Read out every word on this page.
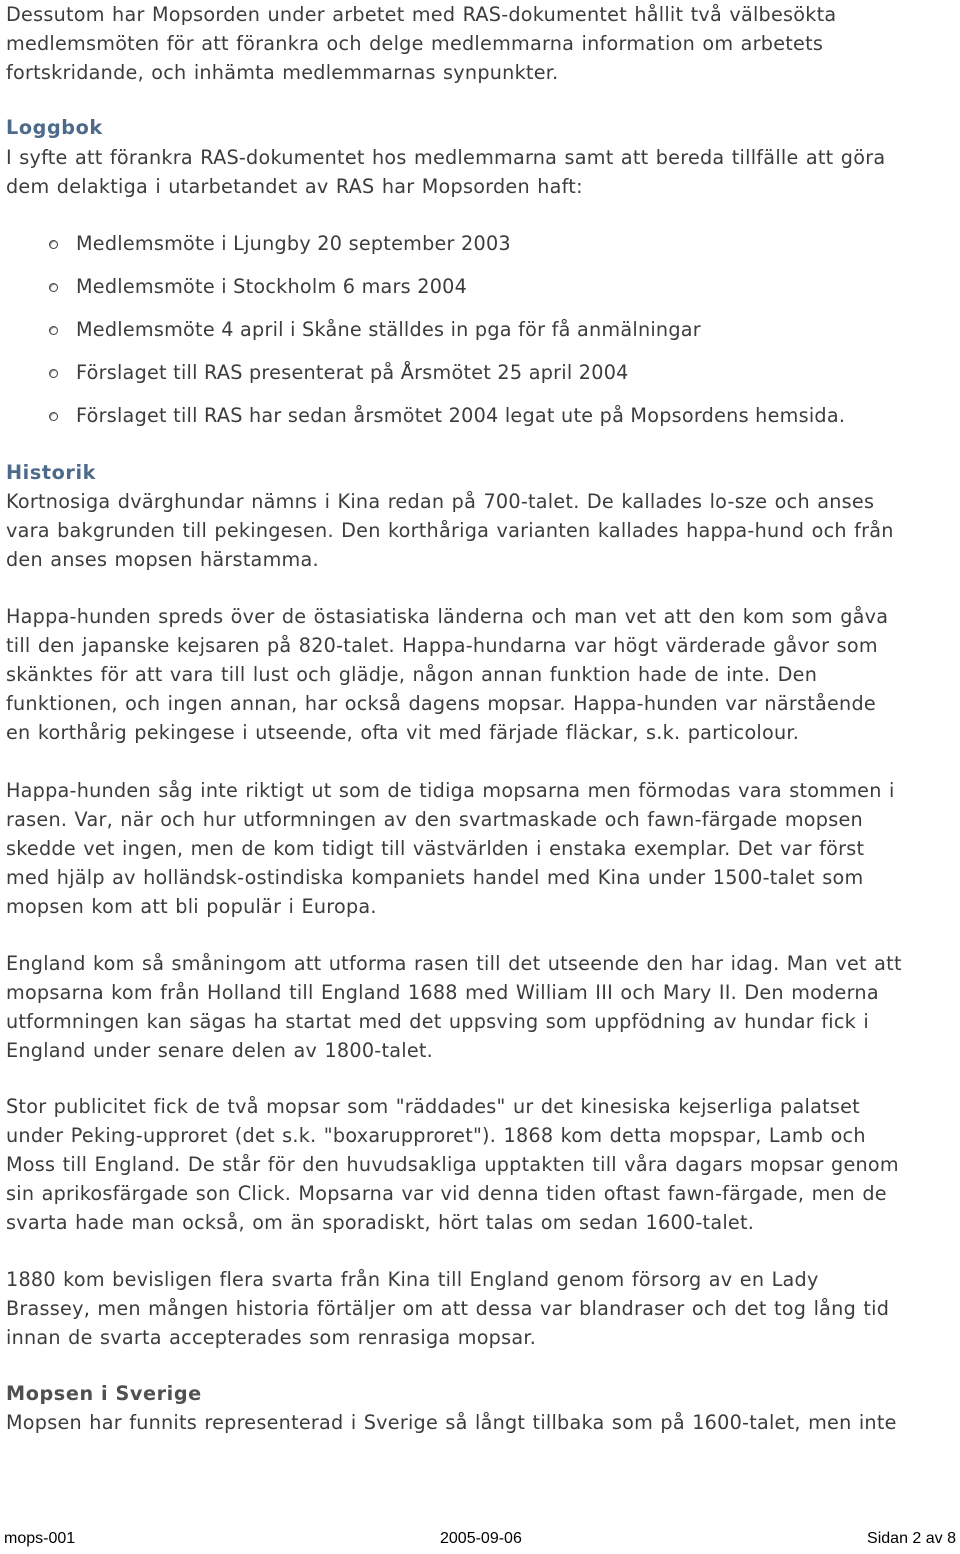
Dessutom har Mopsorden under arbetet med RAS-dokumentet hållit två välbesökta
medlemsmöten för att förankra och delge medlemmarna information om arbetets
fortskridande, och inhämta medlemmarnas synpunkter.
Loggbok
I syfte att förankra RAS-dokumentet hos medlemmarna samt att bereda tillfälle att göra
dem delaktiga i utarbetandet av RAS har Mopsorden haft:
Medlemsmöte i Ljungby 20 september 2003
Medlemsmöte i Stockholm 6 mars 2004
Medlemsmöte 4 april i Skåne ställdes in pga för få anmälningar
Förslaget till RAS presenterat på Årsmötet 25 april 2004
Förslaget till RAS har sedan årsmötet 2004 legat ute på Mopsordens hemsida.
Historik
Kortnosiga dvärghundar nämns i Kina redan på 700-talet. De kallades lo-sze och anses
vara bakgrunden till pekingesen. Den korthåriga varianten kallades happa-hund och från
den anses mopsen härstamma.
Happa-hunden spreds över de östasiatiska länderna och man vet att den kom som gåva
till den japanske kejsaren på 820-talet. Happa-hundarna var högt värderade gåvor som
skänktes för att vara till lust och glädje, någon annan funktion hade de inte. Den
funktionen, och ingen annan, har också dagens mopsar. Happa-hunden var närstående
en korthårig pekingese i utseende, ofta vit med färjade fläckar, s.k. particolour.
Happa-hunden såg inte riktigt ut som de tidiga mopsarna men förmodas vara stommen i
rasen. Var, när och hur utformningen av den svartmaskade och fawn-färgade mopsen
skedde vet ingen, men de kom tidigt till västvärlden i enstaka exemplar. Det var först
med hjälp av holländsk-ostindiska kompaniets handel med Kina under 1500-talet som
mopsen kom att bli populär i Europa.
England kom så småningom att utforma rasen till det utseende den har idag. Man vet att
mopsarna kom från Holland till England 1688 med William III och Mary II. Den moderna
utformningen kan sägas ha startat med det uppsving som uppfödning av hundar fick i
England under senare delen av 1800-talet.
Stor publicitet fick de två mopsar som "räddades" ur det kinesiska kejserliga palatset
under Peking-upproret (det s.k. "boxarupproret"). 1868 kom detta mopspar, Lamb och
Moss till England. De står för den huvudsakliga upptakten till våra dagars mopsar genom
sin aprikosfärgade son Click. Mopsarna var vid denna tiden oftast fawn-färgade, men de
svarta hade man också, om än sporadiskt, hört talas om sedan 1600-talet.
1880 kom bevisligen flera svarta från Kina till England genom försorg av en Lady
Brassey, men mången historia förtäljer om att dessa var blandraser och det tog lång tid
innan de svarta accepterades som renrasiga mopsar.
Mopsen i Sverige
Mopsen har funnits representerad i Sverige så långt tillbaka som på 1600-talet, men inte
mops-001	2005-09-06	Sidan 2 av 8
